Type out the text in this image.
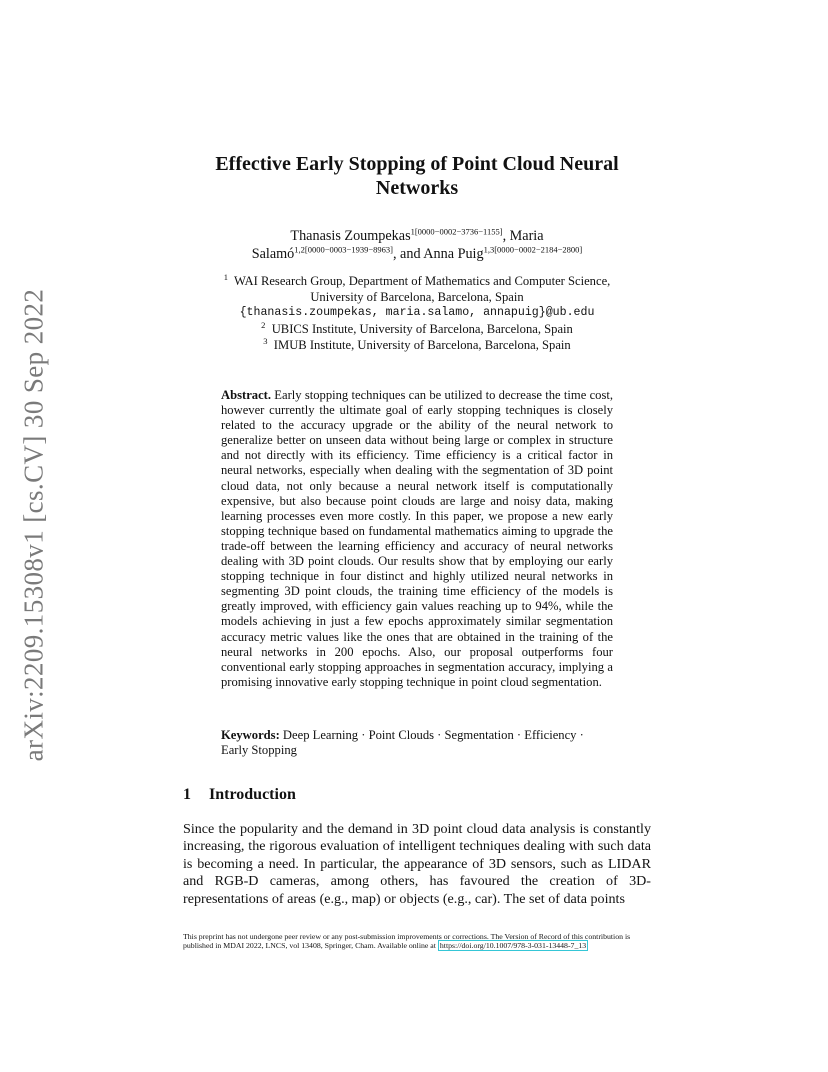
arXiv:2209.15308v1 [cs.CV] 30 Sep 2022
Effective Early Stopping of Point Cloud Neural
Networks
Thanasis Zoumpekas$^{1[0000-0002-3736-1155]}$, Maria
Salamó$^{1,2[0000-0003-1939-8963]}$, and Anna Puig$^{1,3[0000-0002-2184-2800]}$
$^1$ WAI Research Group, Department of Mathematics and Computer Science,
University of Barcelona, Barcelona, Spain
{thanasis.zoumpekas, maria.salamo, annapuig}@ub.edu
$^2$ UBICS Institute, University of Barcelona, Barcelona, Spain
$^3$ IMUB Institute, University of Barcelona, Barcelona, Spain
Abstract. Early stopping techniques can be utilized to decrease the time cost, however currently the ultimate goal of early stopping techniques is closely related to the accuracy upgrade or the ability of the neural network to generalize better on unseen data without being large or complex in structure and not directly with its efficiency. Time efficiency is a critical factor in neural networks, especially when dealing with the segmentation of 3D point cloud data, not only because a neural network itself is computationally expensive, but also because point clouds are large and noisy data, making learning processes even more costly. In this paper, we propose a new early stopping technique based on fundamental mathematics aiming to upgrade the trade-off between the learning efficiency and accuracy of neural networks dealing with 3D point clouds. Our results show that by employing our early stopping technique in four distinct and highly utilized neural networks in segmenting 3D point clouds, the training time efficiency of the models is greatly improved, with efficiency gain values reaching up to 94%, while the models achieving in just a few epochs approximately similar segmentation accuracy metric values like the ones that are obtained in the training of the neural networks in 200 epochs. Also, our proposal outperforms four conventional early stopping approaches in segmentation accuracy, implying a promising innovative early stopping technique in point cloud segmentation.
Keywords: Deep Learning · Point Clouds · Segmentation · Efficiency · Early Stopping
1 Introduction
Since the popularity and the demand in 3D point cloud data analysis is constantly increasing, the rigorous evaluation of intelligent techniques dealing with such data is becoming a need. In particular, the appearance of 3D sensors, such as LIDAR and RGB-D cameras, among others, has favoured the creation of 3D-representations of areas (e.g., map) or objects (e.g., car). The set of data points
This preprint has not undergone peer review or any post-submission improvements or corrections. The Version of Record of this contribution is published in MDAI 2022, LNCS, vol 13408, Springer, Cham. Available online at https://doi.org/10.1007/978-3-031-13448-7_13
